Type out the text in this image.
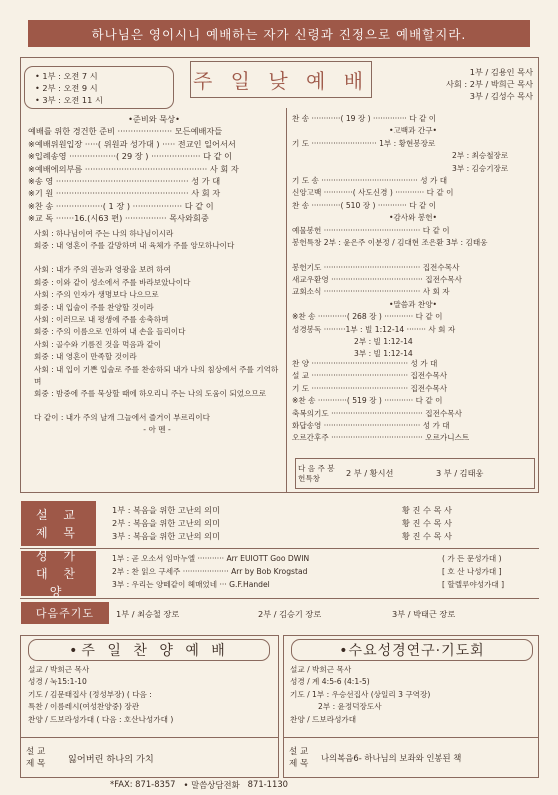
하나님은 영이시니 예배하는 자가 신령과 진정으로 예배할지라.
• 1부 : 오전 7 시
• 2부 : 오전 9 시
• 3부 : 오전 11 시
주 일 낮 예 배	1부 / 김용인 목사
사회 : 2부 / 박희근 목사
3부 / 김성수 목사
•준비와 묵상•
예배를 위한 경건한 준비 ····················· 모든예배자들
※예배위원입장 ·····( 위원과 성가대 ) ····· 전교인 일어서서
※입례송영 ··················( 29 장 ) ··················· 다 같 이
※예배에의부름 ··············································· 사 회 자
※송 영 ··················································· 성 가 대
※기 원 ··················································· 사 회 자
※찬 송 ··················( 1 장 ) ··················· 다 같 이
※교 독 ·······16.(시63 편) ················ 목사와회중
사회 : 하나님이여 주는 나의 하나님이시라
회중 : 내 영혼이 주를 갈망하며 내 육체가 주를 앙모하나이다
사회 : 내가 주의 권능과 영광을 보려 하여
회중 : 이와 같이 성소에서 주를 바라보았나이다
사회 : 주의 인자가 생명보다 나으므로
회중 : 내 입술이 주를 찬양할 것이라
사회 : 이러므로 내 평생에 주를 송축하며
회중 : 주의 이름으로 인하여 내 손을 들리이다
사회 : 골수와 기름진 것을 먹음과 같이
회중 : 내 영혼이 만족할 것이라
사회 : 내 입이 기쁜 입술로 주를 찬송하되 내가 나의 침상에서 주를 기억하며
회중 : 밤중에 주를 묵상할 때에 하오리니 주는 나의 도움이 되었으므로
다 같이 : 내가 주의 날개 그늘에서 즐거이 부르리이다
- 아 멘 -
찬 송 ············( 19 장 ) ·············· 다 같 이
•고백과 간구•
기 도 ··························· 1부 : 황현봉장로
2부 : 최승철장로
3부 : 김승기장로
기 도 송 ········································ 성 가 대
신앙고백 ············( 사도신경 ) ············ 다 같 이
찬 송 ············( 510 장 ) ············ 다 같 이
•감사와 봉헌•
예물봉헌 ········································ 다 같 이
봉헌특창 2부 : 윤은주 이분정 / 김대현 조은환 3부 : 김태웅
봉헌기도 ········································ 집전수목사
새교우환영 ······································ 집전수목사
교회소식 ········································ 사 회 자
•말씀과 찬양•
※찬 송 ············( 268 장 ) ············ 다 같 이
성경봉독 ·········1부 : 빌 1:12-14 ········ 사 회 자
2부 : 빌 1:12-14
3부 : 빌 1:12-14
찬 양 ········································ 성 가 대
설 교 ········································ 집전수목사
기 도 ········································ 집전수목사
※찬 송 ············( 519 장 ) ············ 다 같 이
축복의기도 ······································ 집전수목사
화답송영 ········································ 성 가 대
오르간후주 ······································ 오르가니스트
다 음 주 봉헌특창	2 부 / 황시선	3 부 / 김태웅
설 교 제 목
1부 : 복음을 위한 고난의 의미	황 진 수 목 사
2부 : 복음을 위한 고난의 의미	황 진 수 목 사
3부 : 복음을 위한 고난의 의미	황 진 수 목 사
성 가 대 찬 양
1부 : 곧 오소서 임마누엘 ··········· Arr EUIOTT Goo DWIN	( 가 든 문성가대 )
2부 : 찬 읽으 구세주 ··················· Arr by Bob Krogstad	[ 호 산 나성가대 ]
3부 : 우리는 양떼같이 헤매었네 ··· G.F.Handel	[ 할렐루야성가대 ]
다음주기도	1부 / 최승철 장로	2부 / 김승기 장로	3부 / 박태근 장로
•주 일 찬 양 예 배
설교 / 박희근 목사
성경 / 눅15:1-10
기도 / 김문태집사 (정성부장) ( 다음 :
특찬 / 이름레시(여성찬양중) 장관
찬양 / 드보라성가대 ( 다음 : 호산나성가대 )
설 교 제 목	잃어버린 하나의 가치
•수요성경연구·기도회
설교 / 박희근 목사
성경 / 계 4:5-6 (4:1-5)
기도 / 1부 : 우승선집사 (상일리 3 구역장)
2부 : 윤정덕장도사
찬양 / 드보라성가대
설 교 제 목
나의복음6- 하나님의 보좌와 인봉된 책
*FAX: 871-8357 • 말씀상담전화 871-1130
